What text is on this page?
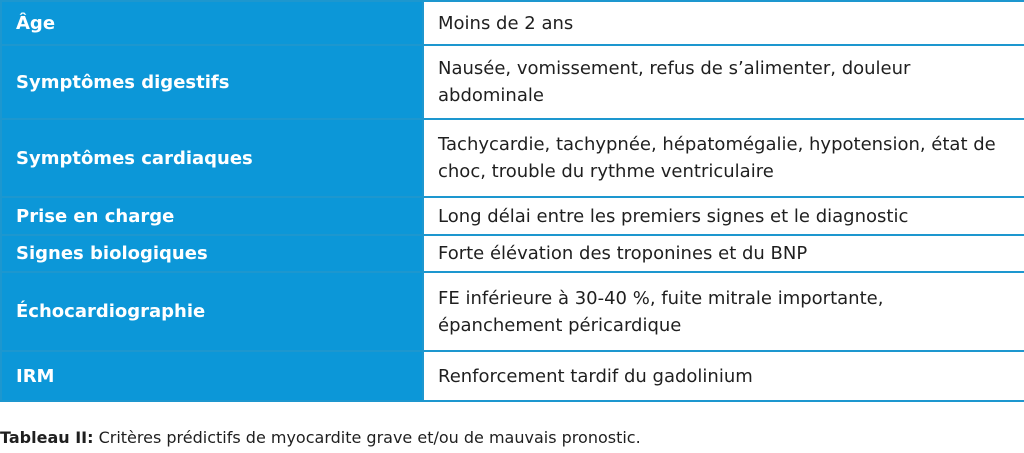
Âge	Moins de 2 ans
Symptômes digestifs	Nausée, vomissement, refus de s’alimenter, douleur abdominale
Symptômes cardiaques	Tachycardie, tachypnée, hépatomégalie, hypotension, état de choc, trouble du rythme ventriculaire
Prise en charge	Long délai entre les premiers signes et le diagnostic
Signes biologiques	Forte élévation des troponines et du BNP
Échocardiographie	FE inférieure à 30-40 %, fuite mitrale importante, épanchement péricardique
IRM	Renforcement tardif du gadolinium
Tableau II: Critères prédictifs de myocardite grave et/ou de mauvais pronostic.
